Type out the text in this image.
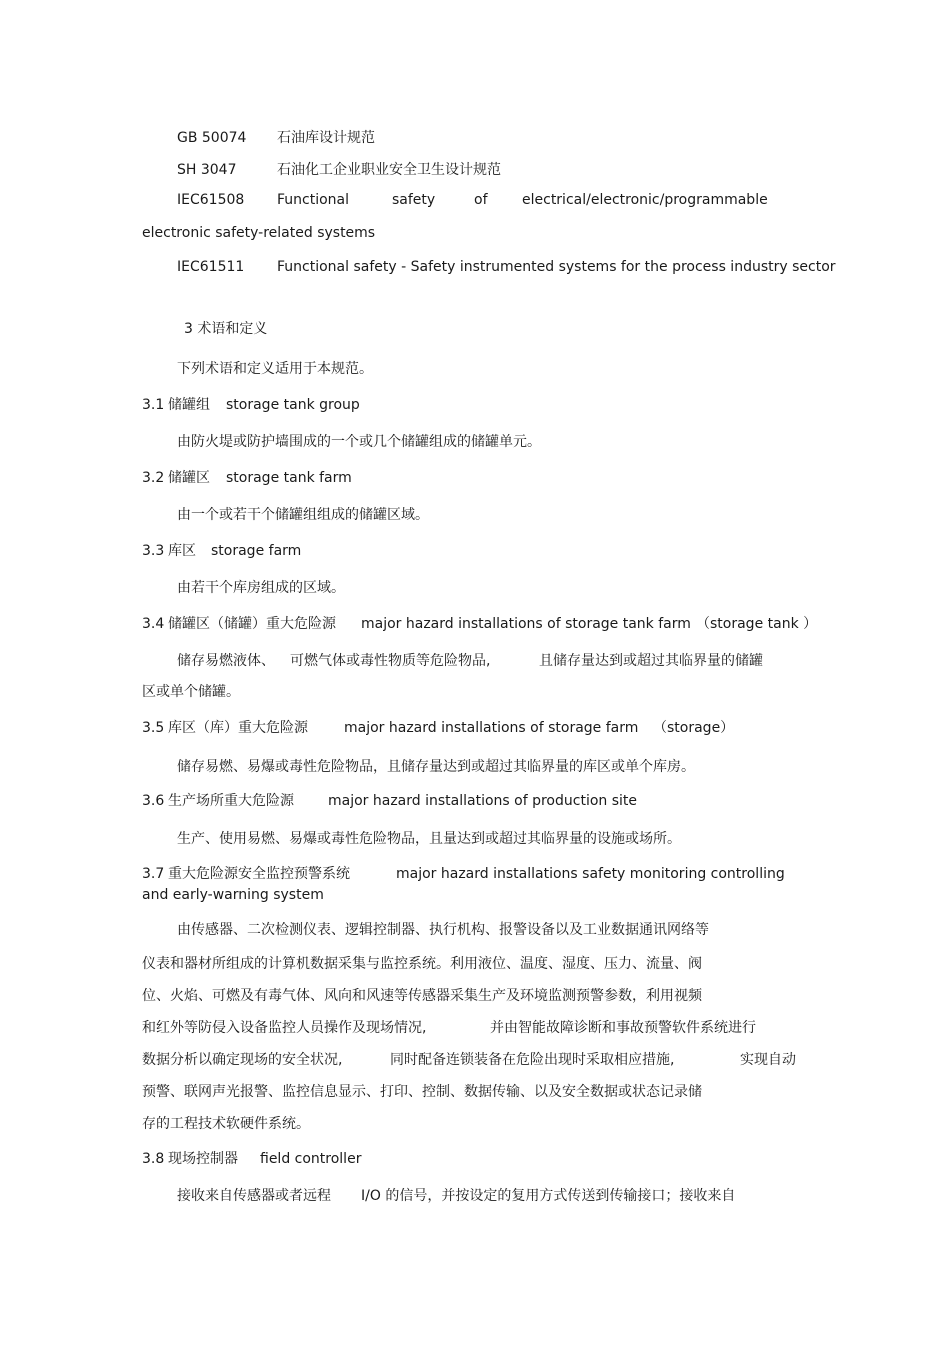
GB 50074 石油库设计规范
SH 3047	石油化工企业职业安全卫生设计规范
IEC61508 Functional	safety	of electrical/electronic/programmable
electronic safety-related systems
IEC61511 Functional safety - Safety instrumented systems for the process industry sector
3 术语和定义
下列术语和定义适用于本规范。
3.1 储罐组 storage tank group
由防火堤或防护墙围成的一个或几个储罐组成的储罐单元。
3.2 储罐区 storage tank farm
由一个或若干个储罐组组成的储罐区域。
3.3 库区 storage farm
由若干个库房组成的区域。
3.4 储罐区（储罐）重大危险源 major hazard installations of storage tank farm （storage tank ）
储存易燃液体、 可燃气体或毒性物质等危险物品,	且储存量达到或超过其临界量的储罐
区或单个储罐。
3.5 库区（库）重大危险源	major hazard installations of storage farm （storage）
储存易燃、易爆或毒性危险物品，且储存量达到或超过其临界量的库区或单个库房。
3.6 生产场所重大危险源 major hazard installations of production site
生产、使用易燃、易爆或毒性危险物品，且量达到或超过其临界量的设施或场所。
3.7 重大危险源安全监控预警系统	major hazard installations safety monitoring controlling
and early-warning system
由传感器、二次检测仪表、逻辑控制器、执行机构、报警设备以及工业数据通讯网络等
仪表和器材所组成的计算机数据采集与监控系统。利用液位、温度、湿度、压力、流量、阀
位、火焰、可燃及有毒气体、风向和风速等传感器采集生产及环境监测预警参数，利用视频
和红外等防侵入设备监控人员操作及现场情况,	并由智能故障诊断和事故预警软件系统进行
数据分析以确定现场的安全状况,	同时配备连锁装备在危险出现时采取相应措施,	实现自动
预警、联网声光报警、监控信息显示、打印、控制、数据传输、以及安全数据或状态记录储
存的工程技术软硬件系统。
3.8 现场控制器 field controller
接收来自传感器或者远程 I/O 的信号，并按设定的复用方式传送到传输接口；接收来自
